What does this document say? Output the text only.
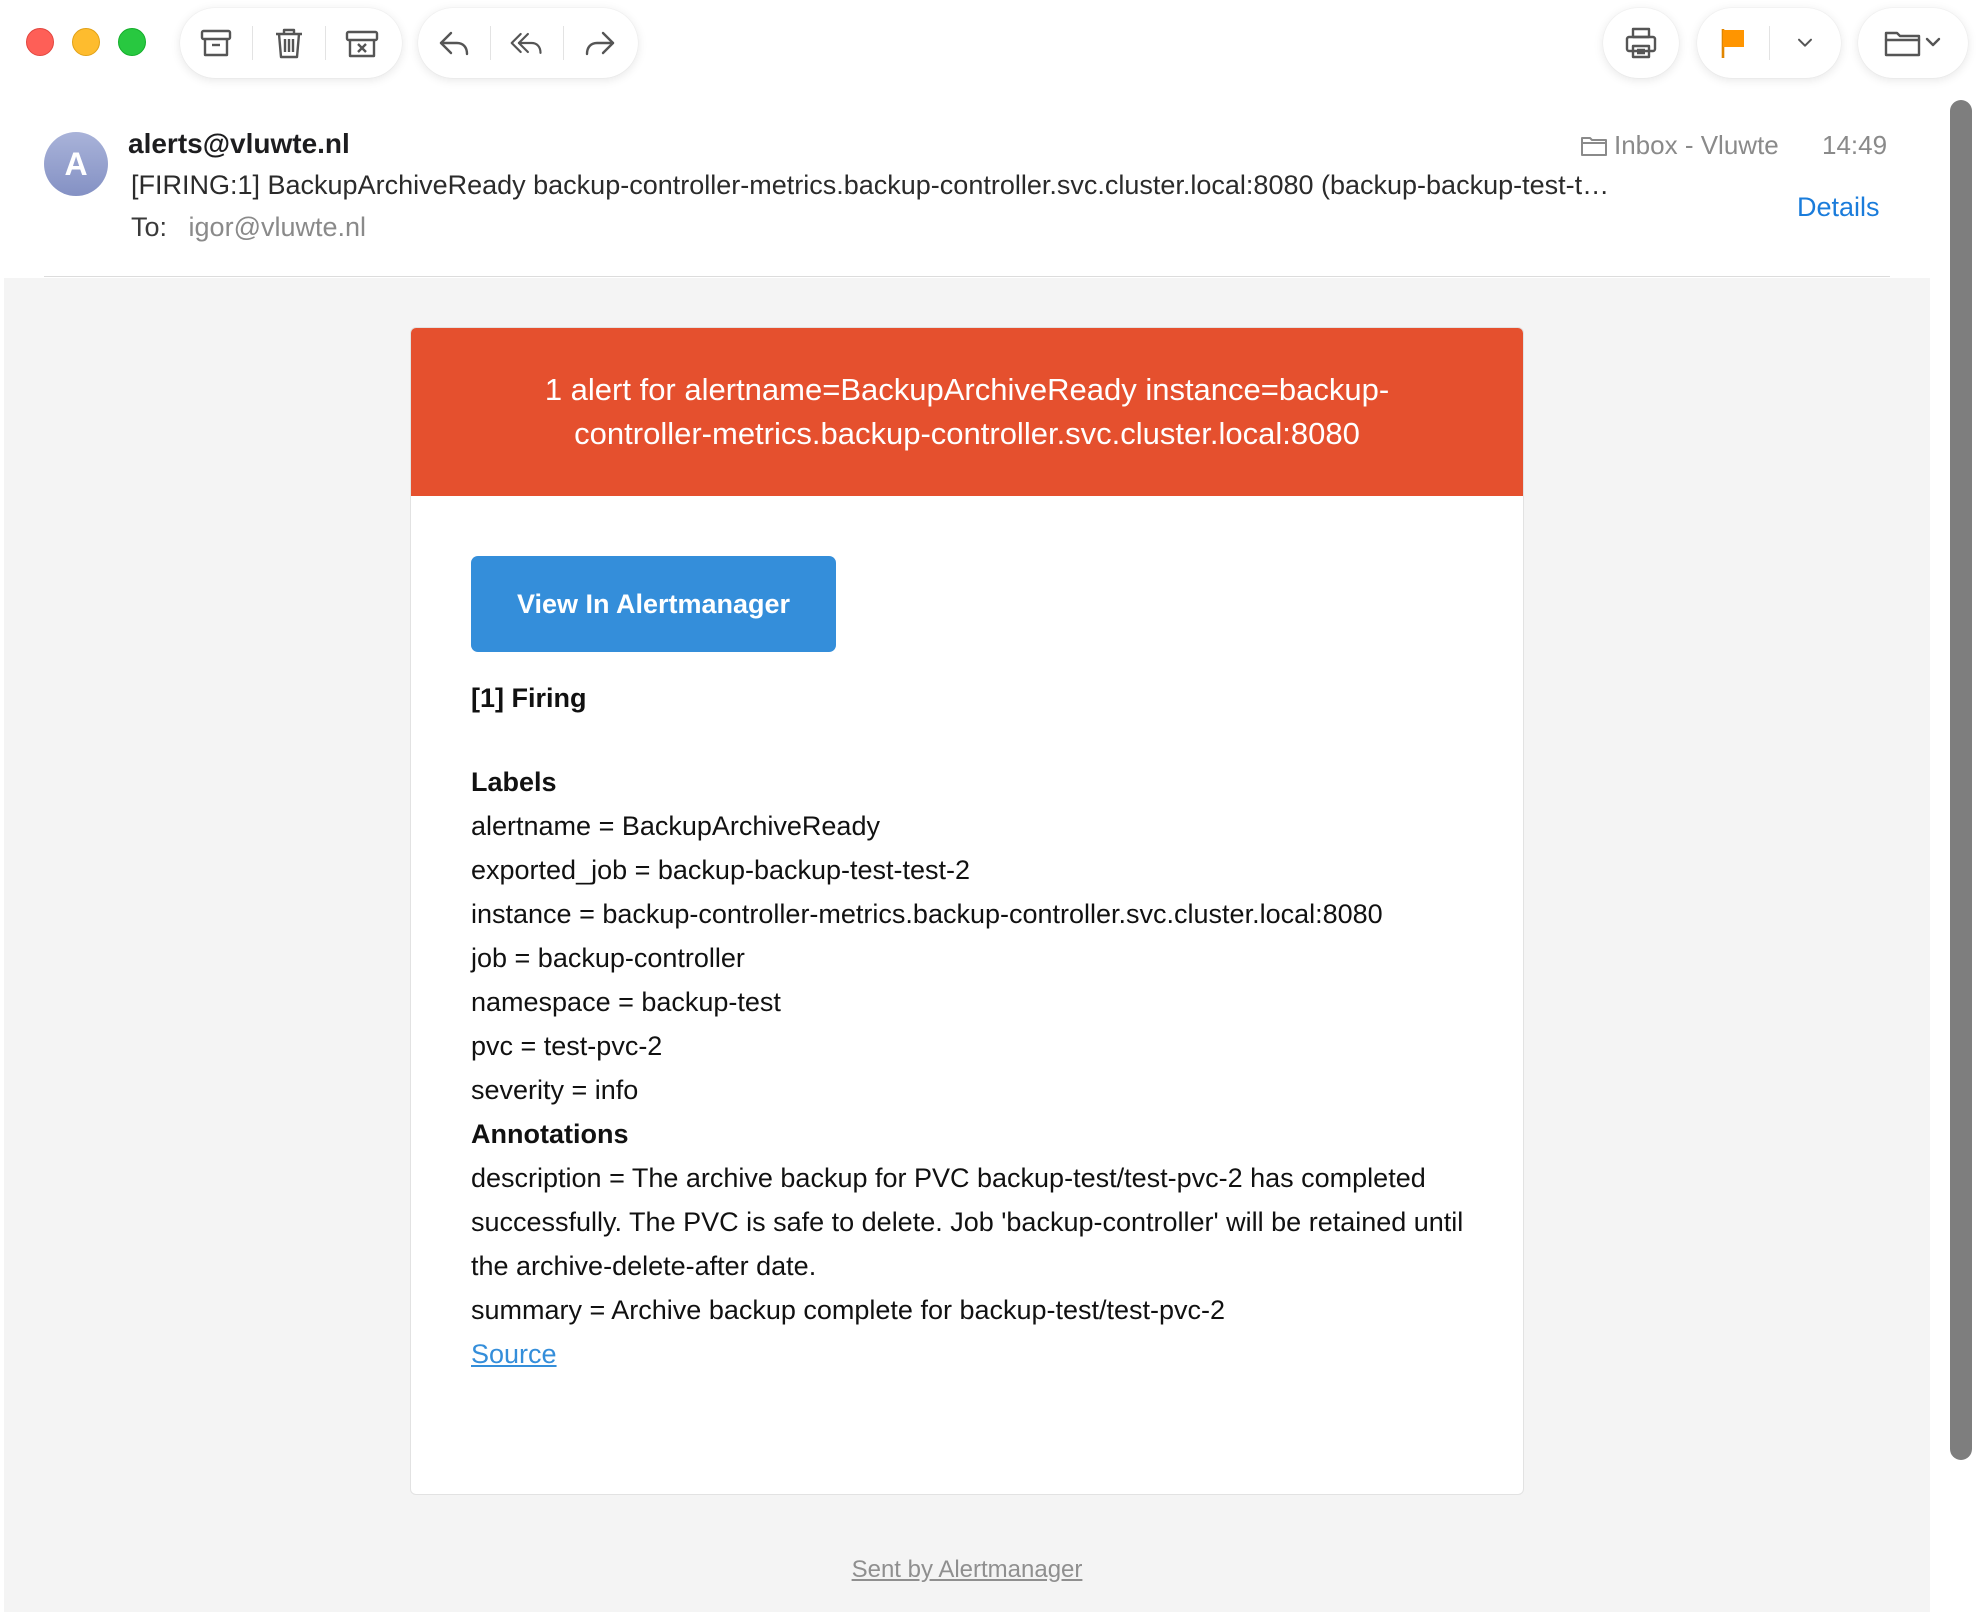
A
alerts@vluwte.nl
[FIRING:1] BackupArchiveReady backup-controller-metrics.backup-controller.svc.cluster.local:8080 (backup-backup-test-t…
To: igor@vluwte.nl
Inbox - Vluwte 14:49
Details
1 alert for alertname=BackupArchiveReady instance=backup-controller-metrics.backup-controller.svc.cluster.local:8080
View In Alertmanager
[1] Firing
Labels
alertname = BackupArchiveReady
exported_job = backup-backup-test-test-2
instance = backup-controller-metrics.backup-controller.svc.cluster.local:8080
job = backup-controller
namespace = backup-test
pvc = test-pvc-2
severity = info
Annotations
description = The archive backup for PVC backup-test/test-pvc-2 has completed successfully. The PVC is safe to delete. Job 'backup-controller' will be retained until the archive-delete-after date.
summary = Archive backup complete for backup-test/test-pvc-2
Source
Sent by Alertmanager
